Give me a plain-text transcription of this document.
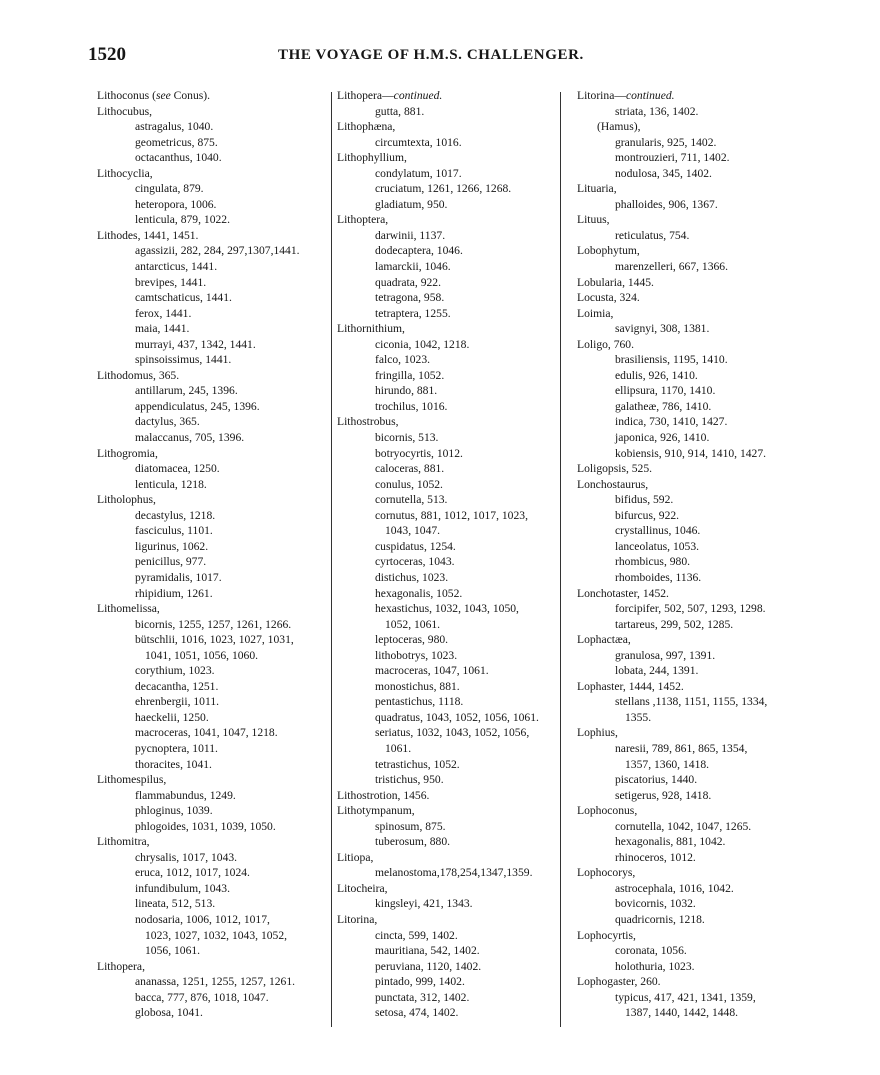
1520	THE VOYAGE OF H.M.S. CHALLENGER.
Lithoconus (see Conus).
Lithocubus,
astragalus, 1040.
geometricus, 875.
octacanthus, 1040.
Lithocyclia,
cingulata, 879.
heteropora, 1006.
lenticula, 879, 1022.
Lithodes, 1441, 1451.
agassizii, 282, 284, 297,1307,1441.
antarcticus, 1441.
brevipes, 1441.
camtschaticus, 1441.
ferox, 1441.
maia, 1441.
murrayi, 437, 1342, 1441.
spinsoissimus, 1441.
Lithodomus, 365.
antillarum, 245, 1396.
appendiculatus, 245, 1396.
dactylus, 365.
malaccanus, 705, 1396.
Lithogromia,
diatomacea, 1250.
lenticula, 1218.
Litholophus,
decastylus, 1218.
fasciculus, 1101.
ligurinus, 1062.
penicillus, 977.
pyramidalis, 1017.
rhipidium, 1261.
Lithomelissa,
bicornis, 1255, 1257, 1261, 1266.
bütschlii, 1016, 1023, 1027, 1031,
1041, 1051, 1056, 1060.
corythium, 1023.
decacantha, 1251.
ehrenbergii, 1011.
haeckelii, 1250.
macroceras, 1041, 1047, 1218.
pycnoptera, 1011.
thoracites, 1041.
Lithomespilus,
flammabundus, 1249.
phloginus, 1039.
phlogoides, 1031, 1039, 1050.
Lithomitra,
chrysalis, 1017, 1043.
eruca, 1012, 1017, 1024.
infundibulum, 1043.
lineata, 512, 513.
nodosaria, 1006, 1012, 1017,
1023, 1027, 1032, 1043, 1052,
1056, 1061.
Lithopera,
ananassa, 1251, 1255, 1257, 1261.
bacca, 777, 876, 1018, 1047.
globosa, 1041.
Lithopera—continued.
gutta, 881.
Lithophæna,
circumtexta, 1016.
Lithophyllium,
condylatum, 1017.
cruciatum, 1261, 1266, 1268.
gladiatum, 950.
Lithoptera,
darwinii, 1137.
dodecaptera, 1046.
lamarckii, 1046.
quadrata, 922.
tetragona, 958.
tetraptera, 1255.
Lithornithium,
ciconia, 1042, 1218.
falco, 1023.
fringilla, 1052.
hirundo, 881.
trochilus, 1016.
Lithostrobus,
bicornis, 513.
botryocyrtis, 1012.
caloceras, 881.
conulus, 1052.
cornutella, 513.
cornutus, 881, 1012, 1017, 1023,
1043, 1047.
cuspidatus, 1254.
cyrtoceras, 1043.
distichus, 1023.
hexagonalis, 1052.
hexastichus, 1032, 1043, 1050,
1052, 1061.
leptoceras, 980.
lithobotrys, 1023.
macroceras, 1047, 1061.
monostichus, 881.
pentastichus, 1118.
quadratus, 1043, 1052, 1056, 1061.
seriatus, 1032, 1043, 1052, 1056,
1061.
tetrastichus, 1052.
tristichus, 950.
Lithostrotion, 1456.
Lithotympanum,
spinosum, 875.
tuberosum, 880.
Litiopa,
melanostoma,178,254,1347,1359.
Litocheira,
kingsleyi, 421, 1343.
Litorina,
cincta, 599, 1402.
mauritiana, 542, 1402.
peruviana, 1120, 1402.
pintado, 999, 1402.
punctata, 312, 1402.
setosa, 474, 1402.
Litorina—continued.
striata, 136, 1402.
(Hamus),
granularis, 925, 1402.
montrouzieri, 711, 1402.
nodulosa, 345, 1402.
Lituaria,
phalloides, 906, 1367.
Lituus,
reticulatus, 754.
Lobophytum,
marenzelleri, 667, 1366.
Lobularia, 1445.
Locusta, 324.
Loimia,
savignyi, 308, 1381.
Loligo, 760.
brasiliensis, 1195, 1410.
edulis, 926, 1410.
ellipsura, 1170, 1410.
galatheæ, 786, 1410.
indica, 730, 1410, 1427.
japonica, 926, 1410.
kobiensis, 910, 914, 1410, 1427.
Loligopsis, 525.
Lonchostaurus,
bifidus, 592.
bifurcus, 922.
crystallinus, 1046.
lanceolatus, 1053.
rhombicus, 980.
rhomboides, 1136.
Lonchotaster, 1452.
forcipifer, 502, 507, 1293, 1298.
tartareus, 299, 502, 1285.
Lophactæa,
granulosa, 997, 1391.
lobata, 244, 1391.
Lophaster, 1444, 1452.
stellans ,1138, 1151, 1155, 1334,
1355.
Lophius,
naresii, 789, 861, 865, 1354,
1357, 1360, 1418.
piscatorius, 1440.
setigerus, 928, 1418.
Lophoconus,
cornutella, 1042, 1047, 1265.
hexagonalis, 881, 1042.
rhinoceros, 1012.
Lophocorys,
astrocephala, 1016, 1042.
bovicornis, 1032.
quadricornis, 1218.
Lophocyrtis,
coronata, 1056.
holothuria, 1023.
Lophogaster, 260.
typicus, 417, 421, 1341, 1359,
1387, 1440, 1442, 1448.
